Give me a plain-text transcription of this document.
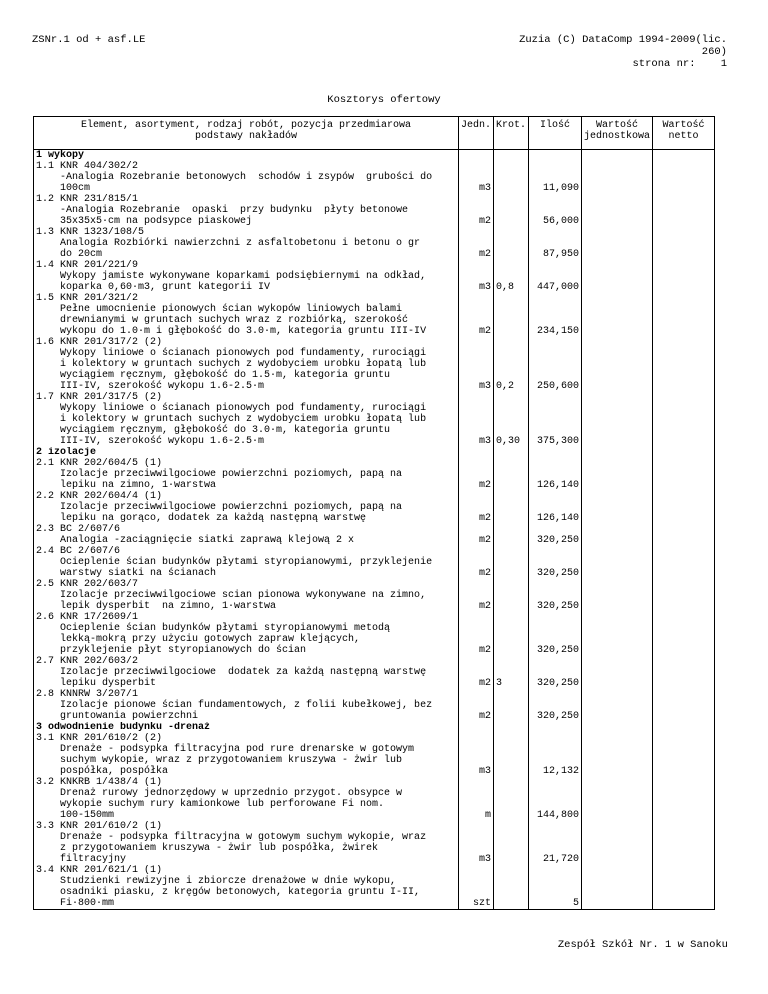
ZSNr.1 od + asf.LE	Zuzia (C) DataComp 1994-2009(lic.
260)
strona nr:    1
Kosztorys ofertowy
Element, asortyment, rodzaj robót, pozycja przedmiarowa
podstawy nakładów	Jedn.	Krot.	Ilość	Wartość
jednostkowa	Wartość
netto
1 wykopy					
1.1 KNR 404/302/2
-Analogia Rozebranie betonowych  schodów i zsypów  grubości do
100cm	m3		11,090		
1.2 KNR 231/815/1
-Analogia Rozebranie  opaski  przy budynku  płyty betonowe
35x35x5·cm na podsypce piaskowej	m2		56,000		
1.3 KNR 1323/108/5
Analogia Rozbiórki nawierzchni z asfaltobetonu i betonu o gr
do 20cm	m2		87,950		
1.4 KNR 201/221/9
Wykopy jamiste wykonywane koparkami podsiębiernymi na odkład,
koparka 0,60·m3, grunt kategorii IV	m3	0,8	447,000		
1.5 KNR 201/321/2
Pełne umocnienie pionowych ścian wykopów liniowych balami
drewnianymi w gruntach suchych wraz z rozbiórką, szerokość
wykopu do 1.0·m i głębokość do 3.0·m, kategoria gruntu III-IV	m2		234,150		
1.6 KNR 201/317/2 (2)
Wykopy liniowe o ścianach pionowych pod fundamenty, rurociągi
i kolektory w gruntach suchych z wydobyciem urobku łopatą lub
wyciągiem ręcznym, głębokość do 1.5·m, kategoria gruntu
III-IV, szerokość wykopu 1.6-2.5·m	m3	0,2	250,600		
1.7 KNR 201/317/5 (2)
Wykopy liniowe o ścianach pionowych pod fundamenty, rurociągi
i kolektory w gruntach suchych z wydobyciem urobku łopatą lub
wyciągiem ręcznym, głębokość do 3.0·m, kategoria gruntu
III-IV, szerokość wykopu 1.6-2.5·m	m3	0,30	375,300		
2 izolacje					
2.1 KNR 202/604/5 (1)
Izolacje przeciwwilgociowe powierzchni poziomych, papą na
lepiku na zimno, 1·warstwa	m2		126,140		
2.2 KNR 202/604/4 (1)
Izolacje przeciwwilgociowe powierzchni poziomych, papą na
lepiku na gorąco, dodatek za każdą następną warstwę	m2		126,140		
2.3 BC 2/607/6
Analogia -zaciągnięcie siatki zaprawą klejową 2 x	m2		320,250		
2.4 BC 2/607/6
Ocieplenie ścian budynków płytami styropianowymi, przyklejenie
warstwy siatki na ścianach	m2		320,250		
2.5 KNR 202/603/7
Izolacje przeciwwilgociowe scian pionowa wykonywane na zimno,
lepik dysperbit  na zimno, 1·warstwa	m2		320,250		
2.6 KNR 17/2609/1
Ocieplenie ścian budynków płytami styropianowymi metodą
lekką-mokrą przy użyciu gotowych zapraw klejących,
przyklejenie płyt styropianowych do ścian	m2		320,250		
2.7 KNR 202/603/2
Izolacje przeciwwilgociowe  dodatek za każdą następną warstwę
lepiku dysperbit	m2	3	320,250		
2.8 KNNRW 3/207/1
Izolacje pionowe ścian fundamentowych, z folii kubełkowej, bez
gruntowania powierzchni	m2		320,250		
3 odwodnienie budynku -drenaż					
3.1 KNR 201/610/2 (2)
Drenaże - podsypka filtracyjna pod rure drenarske w gotowym
suchym wykopie, wraz z przygotowaniem kruszywa - żwir lub
pospółka, pospółka	m3		12,132		
3.2 KNKRB 1/438/4 (1)
Drenaż rurowy jednorzędowy w uprzednio przygot. obsypce w
wykopie suchym rury kamionkowe lub perforowane Fi nom.
100-150mm	m		144,800		
3.3 KNR 201/610/2 (1)
Drenaże - podsypka filtracyjna w gotowym suchym wykopie, wraz
z przygotowaniem kruszywa - żwir lub pospółka, żwirek
filtracyjny	m3		21,720		
3.4 KNR 201/621/1 (1)
Studzienki rewizyjne i zbiorcze drenażowe w dnie wykopu,
osadniki piasku, z kręgów betonowych, kategoria gruntu I-II,
Fi·800·mm	szt		5		
Zespół Szkół Nr. 1 w Sanoku
